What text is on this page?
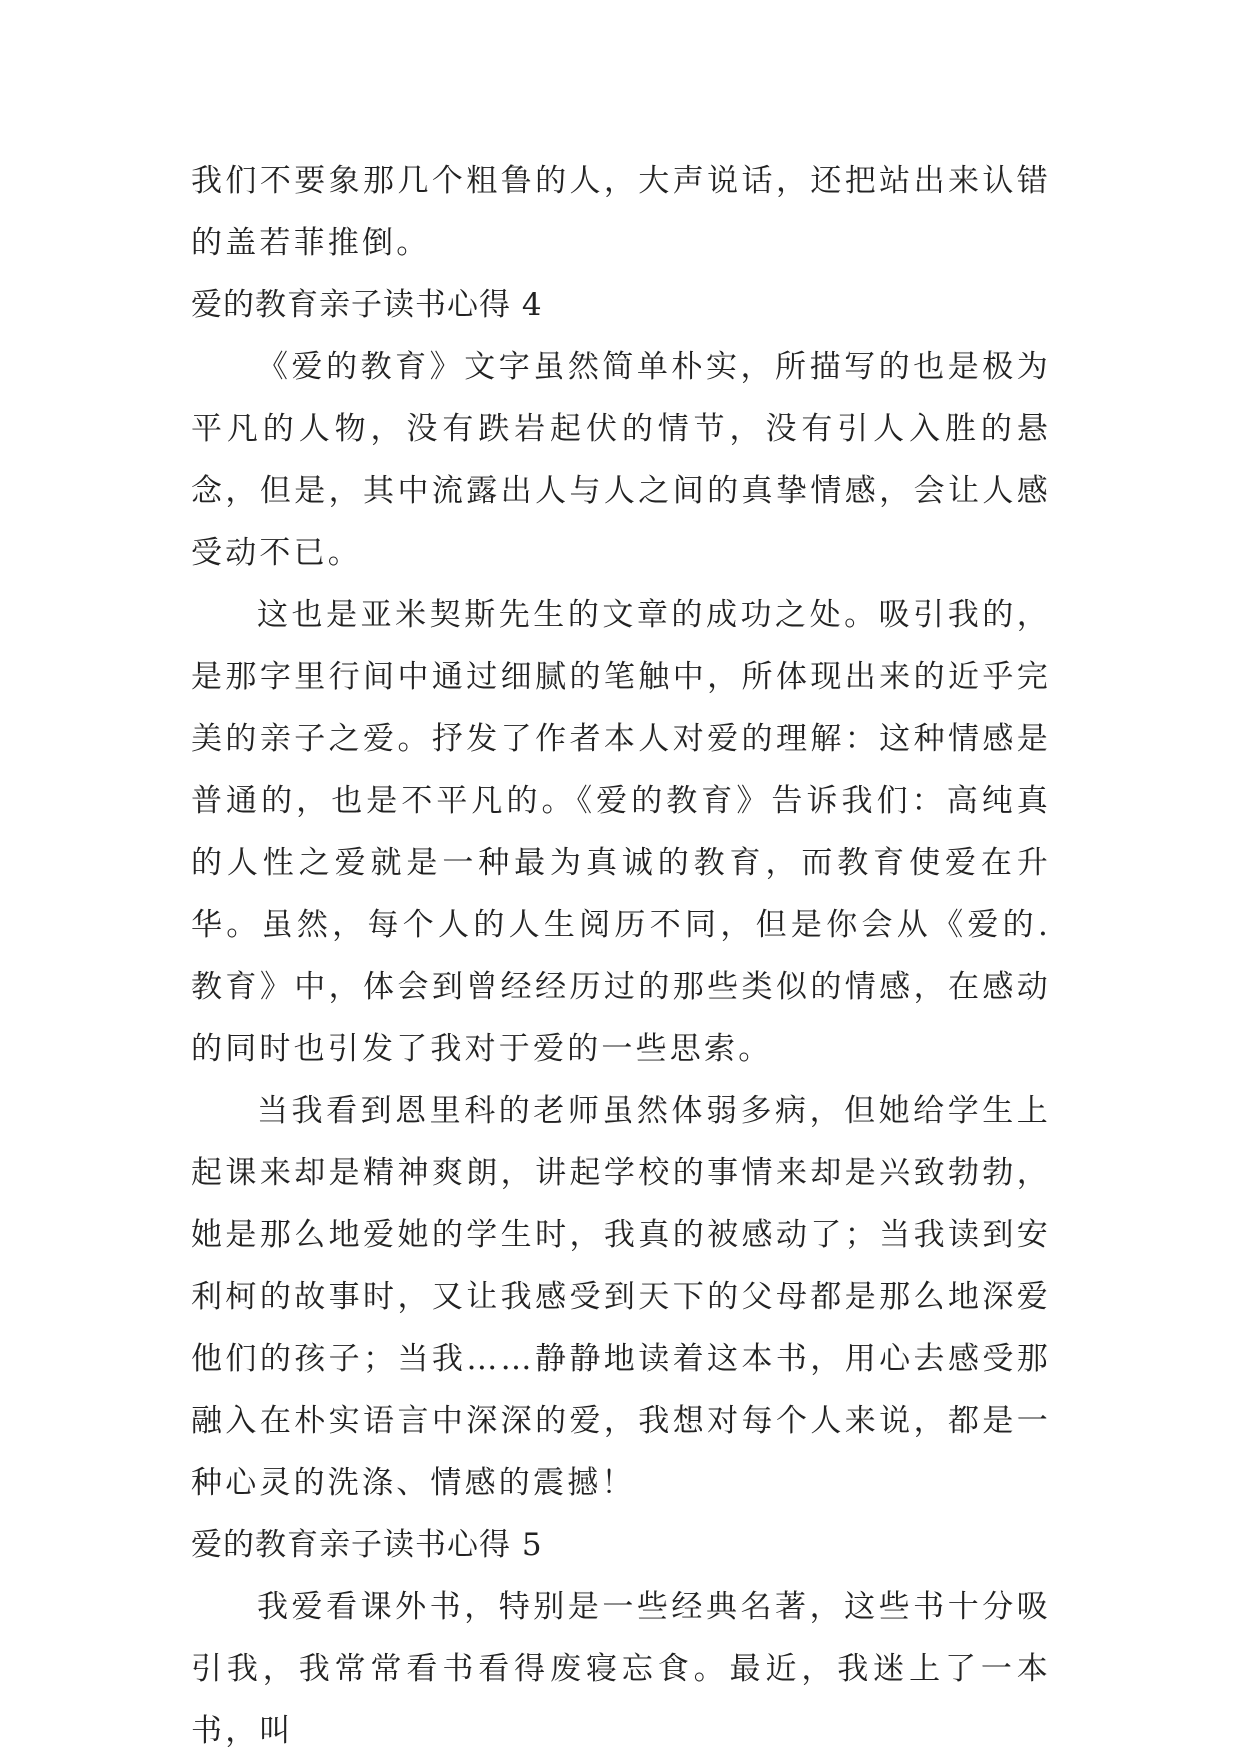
我们不要象那几个粗鲁的人，大声说话，还把站出来认错的盖若菲推倒。

爱的教育亲子读书心得 4

《爱的教育》文字虽然简单朴实，所描写的也是极为平凡的人物，没有跌岩起伏的情节，没有引人入胜的悬念，但是，其中流露出人与人之间的真挚情感，会让人感受动不已。

这也是亚米契斯先生的文章的成功之处。吸引我的，是那字里行间中通过细腻的笔触中，所体现出来的近乎完美的亲子之爱。抒发了作者本人对爱的理解：这种情感是普通的，也是不平凡的。《爱的教育》告诉我们：高纯真的人性之爱就是一种最为真诚的教育，而教育使爱在升华。虽然，每个人的人生阅历不同，但是你会从《爱的. 教育》中，体会到曾经经历过的那些类似的情感，在感动的同时也引发了我对于爱的一些思索。

当我看到恩里科的老师虽然体弱多病，但她给学生上起课来却是精神爽朗，讲起学校的事情来却是兴致勃勃，她是那么地爱她的学生时，我真的被感动了；当我读到安利柯的故事时，又让我感受到天下的父母都是那么地深爱他们的孩子；当我……静静地读着这本书，用心去感受那融入在朴实语言中深深的爱，我想对每个人来说，都是一种心灵的洗涤、情感的震撼！

爱的教育亲子读书心得 5

我爱看课外书，特别是一些经典名著，这些书十分吸引我，我常常看书看得废寝忘食。最近，我迷上了一本书，叫
